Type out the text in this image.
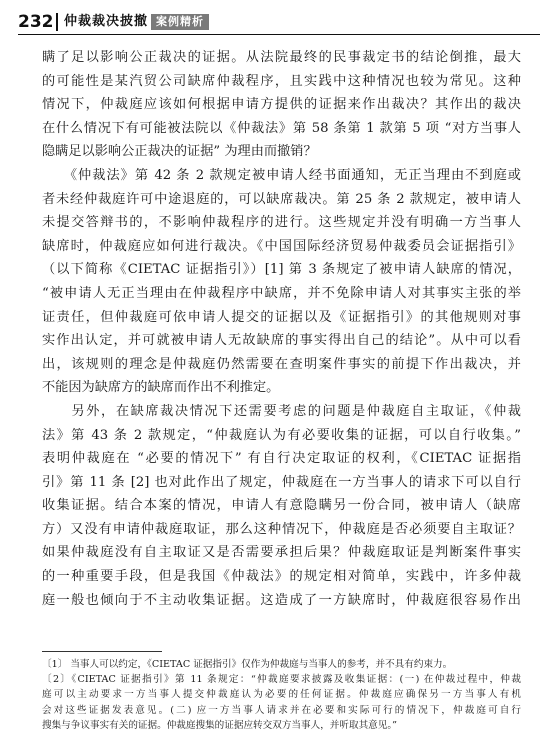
232 仲裁裁决披撤 案例精析
瞒了足以影响公正裁决的证据。从法院最终的民事裁定书的结论倒推，最大
的可能性是某汽贸公司缺席仲裁程序，且实践中这种情况也较为常见。这种
情况下，仲裁庭应该如何根据申请方提供的证据来作出裁决？其作出的裁决
在什么情况下有可能被法院以《仲裁法》第 58 条第 1 款第 5 项 “对方当事人
隐瞒足以影响公正裁决的证据” 为理由而撤销？
　　《仲裁法》第 42 条 2 款规定被申请人经书面通知，无正当理由不到庭或
者未经仲裁庭许可中途退庭的，可以缺席裁决。第 25 条 2 款规定，被申请人
未提交答辩书的，不影响仲裁程序的进行。这些规定并没有明确一方当事人
缺席时，仲裁庭应如何进行裁决。《中国国际经济贸易仲裁委员会证据指引》
（以下简称《CIETAC 证据指引》）[1] 第 3 条规定了被申请人缺席的情况，
“被申请人无正当理由在仲裁程序中缺席，并不免除申请人对其事实主张的举
证责任，但仲裁庭可依申请人提交的证据以及《证据指引》的其他规则对事
实作出认定，并可就被申请人无故缺席的事实得出自己的结论”。从中可以看
出，该规则的理念是仲裁庭仍然需要在查明案件事实的前提下作出裁决，并
不能因为缺席方的缺席而作出不利推定。
　　另外，在缺席裁决情况下还需要考虑的问题是仲裁庭自主取证，《仲裁
法》第 43 条 2 款规定，“仲裁庭认为有必要收集的证据，可以自行收集。”
表明仲裁庭在 “必要的情况下” 有自行决定取证的权利，《CIETAC 证据指
引》第 11 条 [2] 也对此作出了规定，仲裁庭在一方当事人的请求下可以自行
收集证据。结合本案的情况，申请人有意隐瞒另一份合同，被申请人（缺席
方）又没有申请仲裁庭取证，那么这种情况下，仲裁庭是否必须要自主取证？
如果仲裁庭没有自主取证又是否需要承担后果？仲裁庭取证是判断案件事实
的一种重要手段，但是我国《仲裁法》的规定相对简单，实践中，许多仲裁
庭一般也倾向于不主动收集证据。这造成了一方缺席时，仲裁庭很容易作出
〔1〕 当事人可以约定，《CIETAC 证据指引》仅作为仲裁庭与当事人的参考，并不具有约束力。
〔2〕《CIETAC 证据指引》第 11 条规定：“仲裁庭要求披露及收集证据：(一) 在仲裁过程中，仲裁
庭可以主动要求一方当事人提交仲裁庭认为必要的任何证据。仲裁庭应确保另一方当事人有机
会对这些证据发表意见。(二) 应一方当事人请求并在必要和实际可行的情况下，仲裁庭可自行
搜集与争议事实有关的证据。仲裁庭搜集的证据应转交双方当事人，并听取其意见。”
